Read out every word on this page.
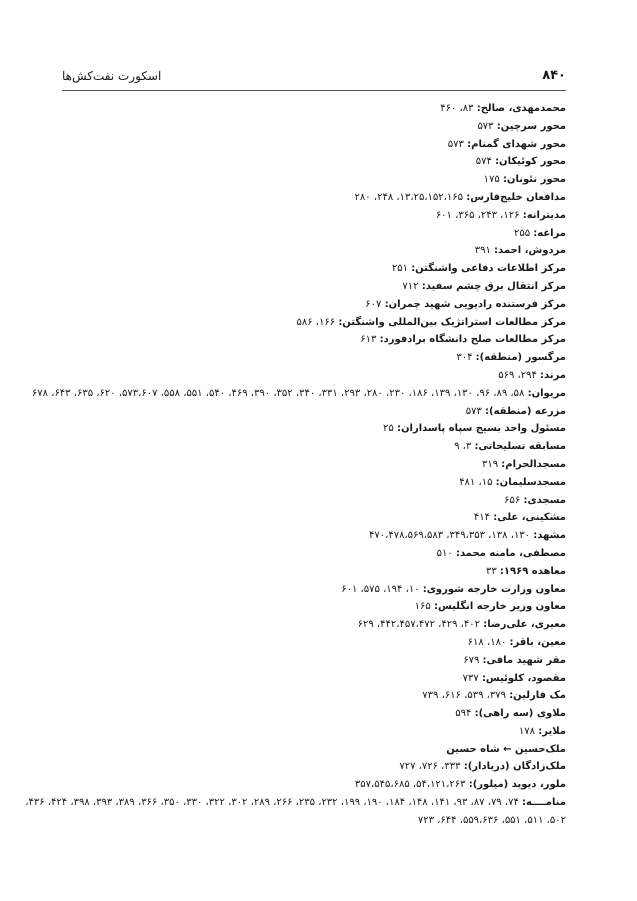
۸۴۰
اسکورت نفت‌کش‌ها
محمدمهدی، صالح: ۸۳، ۴۶۰
محور سرچین: ۵۷۳
محور شهدای گمنام: ۵۷۳
محور کوئیکان: ۵۷۴
محور نئونان: ۱۷۵
مدافعان خلیج‌فارس: ۱۳،۲۵،۱۵۲،۱۶۵، ۲۴۸، ۲۸۰
مدیترانه: ۱۲۶، ۲۴۳، ۳۶۵، ۶۰۱
مراغه: ۲۵۵
مردوش، احمد: ۳۹۱
مرکز اطلاعات دفاعی واشنگتن: ۲۵۱
مرکز انتقال برق چشم سفید: ۷۱۲
مرکز فرستنده رادیویی شهید چمران: ۶۰۷
مرکز مطالعات استراتژیک بین‌المللی واشنگتن: ۱۶۶، ۵۸۶
مرکز مطالعات صلح دانشگاه برادفورد: ۶۱۳
مرگسور (منطقه): ۳۰۴
مرند: ۲۹۴، ۵۶۹
مریوان: ۵۸، ۸۹، ۹۶، ۱۳۰، ۱۳۹، ۱۸۶، ۲۳۰، ۲۸۰، ۲۹۳، ۳۳۱، ۳۴۰، ۳۵۲، ۳۹۰، ۴۶۹، ۵۴۰، ۵۵۱، ۵۵۸، ۵۷۳،۶۰۷، ۶۲۰، ۶۳۵، ۶۴۳، ۶۷۸
مزرعه (منطقه): ۵۷۳
مسئول واحد بسیج سپاه پاسداران: ۲۵
مسابقه تسلیحاتی: ۳، ۹
مسجدالحرام: ۳۱۹
مسجدسلیمان: ۱۵، ۴۸۱
مسجدی: ۶۵۶
مشکینی، علی: ۴۱۴
مشهد: ۱۳۰، ۱۳۸، ۳۴۹،۳۵۳، ۴۷۰،۴۷۸،۵۶۹،۵۸۳
مصطفی، مامنه محمد: ۵۱۰
معاهده ۱۹۶۹: ۳۳
معاون وزارت خارجه شوروی: ۱۰، ۱۹۴، ۵۷۵، ۶۰۱
معاون وزیر خارجه انگلیس: ۱۶۵
معیری، علی‌رضا: ۴۰۲، ۴۲۹، ۴۴۲،۴۵۷،۴۷۲، ۶۲۹
معین، باقر: ۱۸۰، ۶۱۸
مقر شهید مافی: ۶۷۹
مقصود، کلوئیس: ۷۳۷
مک فارلین: ۳۷۹، ۵۳۹، ۶۱۶، ۷۳۹
ملاوی (سه راهی): ۵۹۴
ملایر: ۱۷۸
ملک‌حسین ← شاه حسین
ملک‌زادگان (دریادار): ۳۳۳، ۷۲۶، ۷۲۷
ملور، دیوید (میلور): ۵۴،۱۲۱،۲۶۳، ۳۵۷،۵۴۵،۶۸۵
منامــــه: ۷۴، ۷۹، ۸۷، ۹۳، ۱۴۱، ۱۴۸، ۱۸۴، ۱۹۰، ۱۹۹، ۲۳۲، ۲۳۵، ۲۶۶، ۲۸۹، ۳۰۲، ۳۲۲، ۳۳۰، ۳۵۰، ۳۶۶، ۳۸۹، ۳۹۳، ۳۹۸، ۴۲۴، ۴۳۶، ۵۰۲، ۵۱۱، ۵۵۱، ۵۵۹،۶۳۶، ۶۴۴، ۷۲۳
